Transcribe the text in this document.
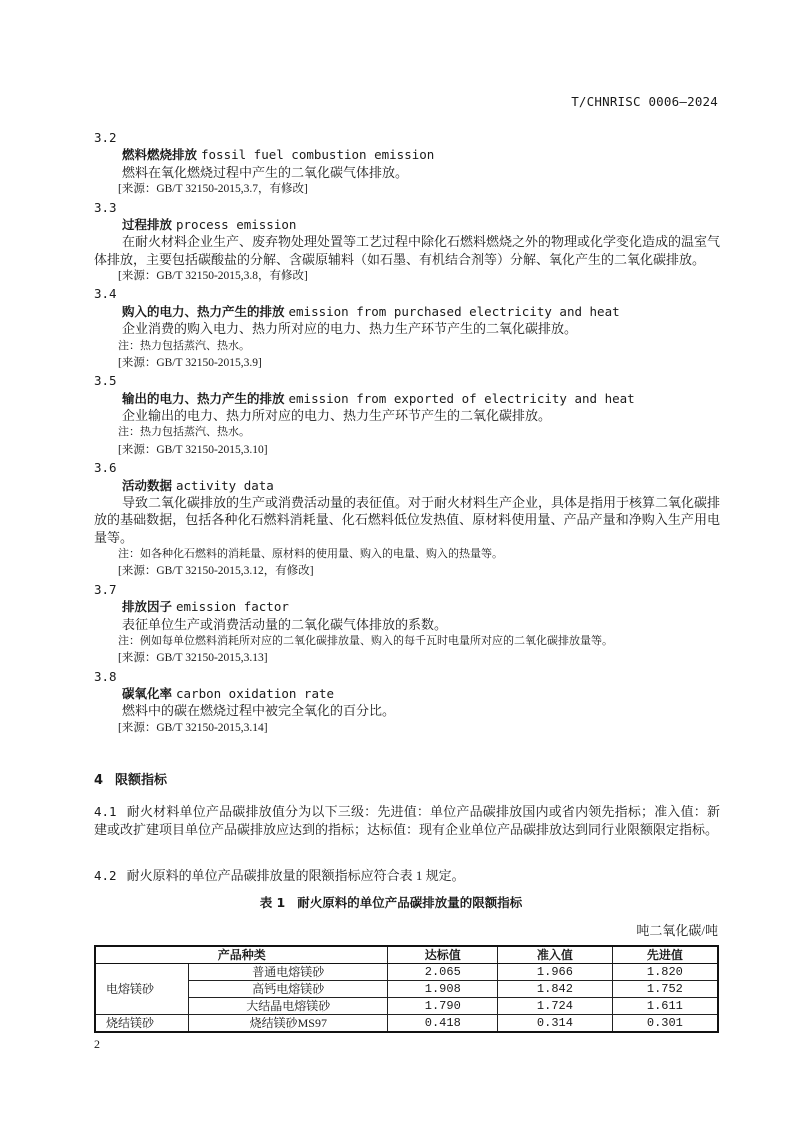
T/CHNRISC 0006—2024
3.2
燃料燃烧排放 fossil fuel combustion emission
燃料在氧化燃烧过程中产生的二氧化碳气体排放。
[来源：GB/T 32150-2015,3.7，有修改]
3.3
过程排放 process emission
在耐火材料企业生产、废弃物处理处置等工艺过程中除化石燃料燃烧之外的物理或化学变化造成的温室气体排放，主要包括碳酸盐的分解、含碳原辅料（如石墨、有机结合剂等）分解、氧化产生的二氧化碳排放。
[来源：GB/T 32150-2015,3.8，有修改]
3.4
购入的电力、热力产生的排放 emission from purchased electricity and heat
企业消费的购入电力、热力所对应的电力、热力生产环节产生的二氧化碳排放。
注：热力包括蒸汽、热水。
[来源：GB/T 32150-2015,3.9]
3.5
输出的电力、热力产生的排放 emission from exported of electricity and heat
企业输出的电力、热力所对应的电力、热力生产环节产生的二氧化碳排放。
注：热力包括蒸汽、热水。
[来源：GB/T 32150-2015,3.10]
3.6
活动数据 activity data
导致二氧化碳排放的生产或消费活动量的表征值。对于耐火材料生产企业，具体是指用于核算二氧化碳排放的基础数据，包括各种化石燃料消耗量、化石燃料低位发热值、原材料使用量、产品产量和净购入生产用电量等。
注：如各种化石燃料的消耗量、原材料的使用量、购入的电量、购入的热量等。
[来源：GB/T 32150-2015,3.12，有修改]
3.7
排放因子 emission factor
表征单位生产或消费活动量的二氧化碳气体排放的系数。
注：例如每单位燃料消耗所对应的二氧化碳排放量、购入的每千瓦时电量所对应的二氧化碳排放量等。
[来源：GB/T 32150-2015,3.13]
3.8
碳氧化率 carbon oxidation rate
燃料中的碳在燃烧过程中被完全氧化的百分比。
[来源：GB/T 32150-2015,3.14]
4 限额指标
4.1 耐火材料单位产品碳排放值分为以下三级：先进值：单位产品碳排放国内或省内领先指标；准入值：新建或改扩建项目单位产品碳排放应达到的指标；达标值：现有企业单位产品碳排放达到同行业限额限定指标。
4.2 耐火原料的单位产品碳排放量的限额指标应符合表 1 规定。
表 1 耐火原料的单位产品碳排放量的限额指标
吨二氧化碳/吨
产品种类		达标值	准入值	先进值
电熔镁砂	普通电熔镁砂	2.065	1.966	1.820
	高钙电熔镁砂	1.908	1.842	1.752
	大结晶电熔镁砂	1.790	1.724	1.611
烧结镁砂	烧结镁砂MS97	0.418	0.314	0.301
2
